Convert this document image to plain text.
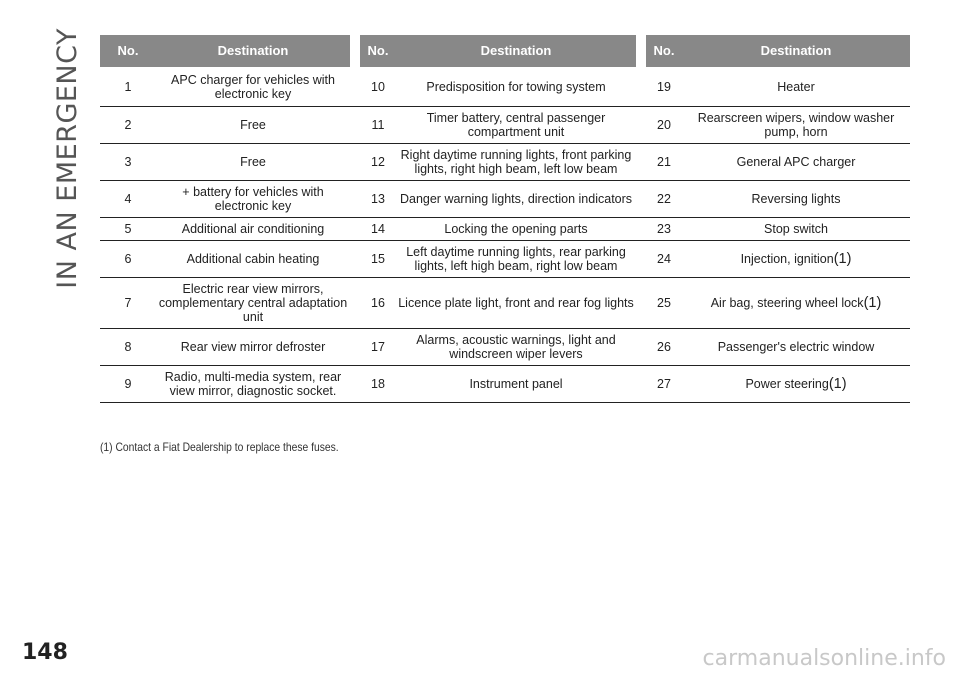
IN AN EMERGENCY	No.	Destination		No.	Destination		No.	Destination
1	APC charger for vehicles with electronic key		10	Predisposition for towing system		19	Heater
2	Free		11	Timer battery, central passenger compartment unit		20	Rearscreen wipers, window washer pump, horn
3	Free		12	Right daytime running lights, front parking lights, right high beam, left low beam		21	General APC charger
4	+ battery for vehicles with electronic key		13	Danger warning lights, direction indicators		22	Reversing lights
5	Additional air conditioning		14	Locking the opening parts		23	Stop switch
6	Additional cabin heating		15	Left daytime running lights, rear parking lights, left high beam, right low beam		24	Injection, ignition(1)
7	Electric rear view mirrors, complementary central adaptation unit		16	Licence plate light, front and rear fog lights		25	Air bag, steering wheel lock(1)
8	Rear view mirror defroster		17	Alarms, acoustic warnings, light and windscreen wiper levers		26	Passenger's electric window
9	Radio, multi-media system, rear view mirror, diagnostic socket.		18	Instrument panel		27	Power steering(1)
(1) Contact a Fiat Dealership to replace these fuses.
148	carmanualsonline.info
